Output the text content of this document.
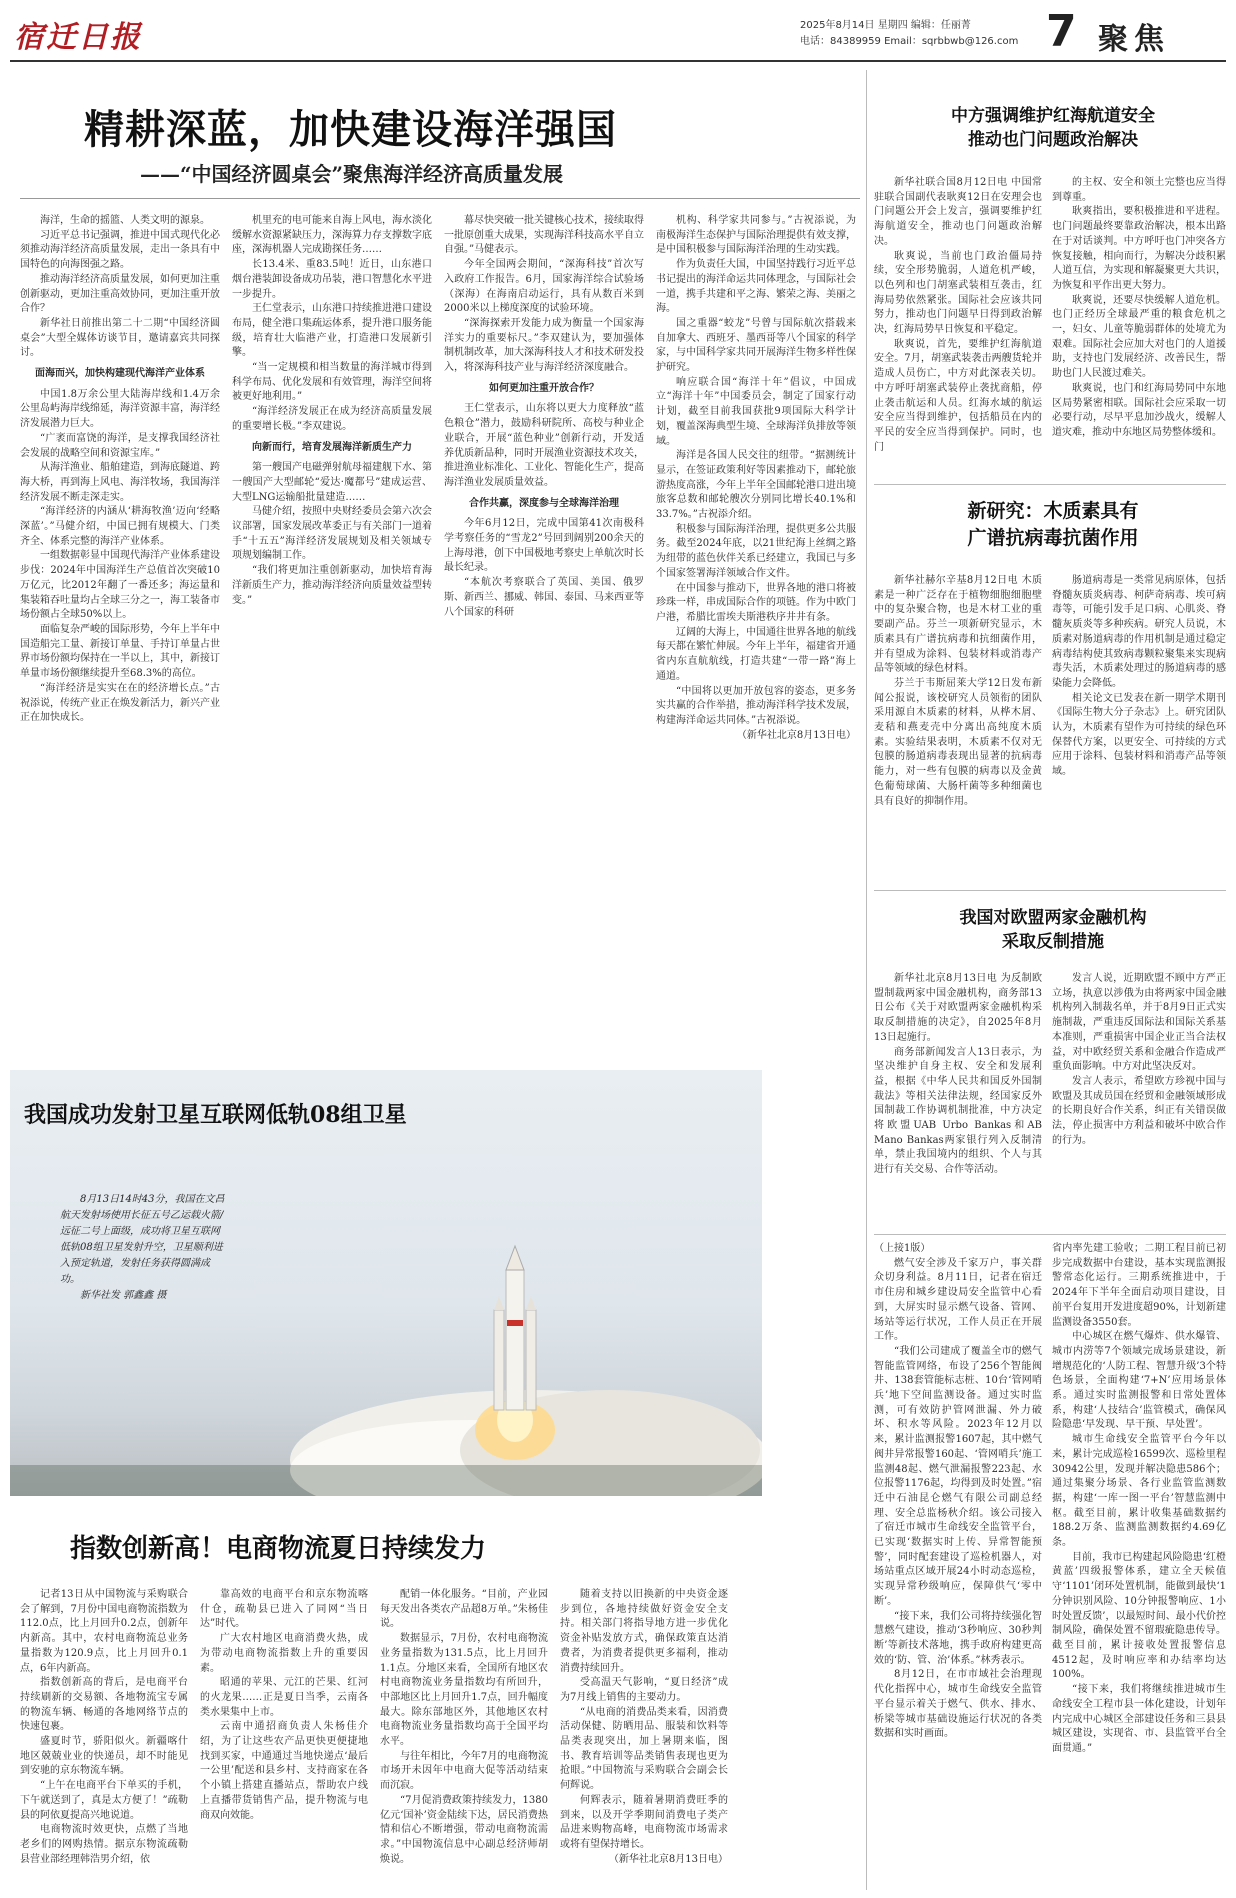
宿迁日报	2025年8月14日 星期四 编辑：任丽菁
电话：84389959 Email：sqrbbwb@126.com 7 聚焦
精耕深蓝，加快建设海洋强国
——“中国经济圆桌会”聚焦海洋经济高质量发展

海洋，生命的摇篮、人类文明的源泉。

习近平总书记强调，推进中国式现代化必须推动海洋经济高质量发展，走出一条具有中国特色的向海图强之路。

推动海洋经济高质量发展，如何更加注重创新驱动，更加注重高效协同，更加注重开放合作？

新华社日前推出第二十二期“中国经济圆桌会”大型全媒体访谈节目，邀请嘉宾共同探讨。

面海而兴，加快构建现代海洋产业体系

中国1.8万余公里大陆海岸线和1.4万余公里岛屿海岸线绵延，海洋资源丰富，海洋经济发展潜力巨大。

“广袤而富饶的海洋，是支撑我国经济社会发展的战略空间和资源宝库。”

从海洋渔业、船舶建造，到海底隧道、跨海大桥，再到海上风电、海洋牧场，我国海洋经济发展不断走深走实。

“海洋经济的内涵从‘耕海牧渔’迈向‘经略深蓝’。”马健介绍，中国已拥有规模大、门类齐全、体系完整的海洋产业体系。

一组数据彰显中国现代海洋产业体系建设步伐：2024年中国海洋生产总值首次突破10万亿元，比2012年翻了一番还多；海运量和集装箱吞吐量均占全球三分之一，海工装备市场份额占全球50%以上。

面临复杂严峻的国际形势，今年上半年中国造船完工量、新接订单量、手持订单量占世界市场份额均保持在一半以上，其中，新接订单量市场份额继续提升至68.3%的高位。

“海洋经济是实实在在的经济增长点。”古祝添说，传统产业正在焕发新活力，新兴产业正在加快成长。

机里充的电可能来自海上风电，海水淡化缓解水资源紧缺压力，深海算力存支撑数字底座，深海机器人完成勘探任务……

长13.4米、重83.5吨！近日，山东港口烟台港装卸设备成功吊装，港口智慧化水平进一步提升。

王仁堂表示，山东港口持续推进港口建设布局，健全港口集疏运体系，提升港口服务能级，培育壮大临港产业，打造港口发展新引擎。

“当一定规模和相当数量的海洋城市得到科学布局、优化发展和有效管理，海洋空间将被更好地利用。”

“海洋经济发展正在成为经济高质量发展的重要增长极。”李双建说。

向新而行，培育发展海洋新质生产力

第一艘国产电磁弹射航母福建舰下水、第一艘国产大型邮轮“爱达·魔都号”建成运营、大型LNG运输船批量建造……

马健介绍，按照中央财经委员会第六次会议部署，国家发展改革委正与有关部门一道着手“十五五”海洋经济发展规划及相关领域专项规划编制工作。

“我们将更加注重创新驱动，加快培育海洋新质生产力，推动海洋经济向质量效益型转变。”

幕尽快突破一批关键核心技术，接续取得一批原创重大成果，实现海洋科技高水平自立自强。”马健表示。

今年全国两会期间，“深海科技”首次写入政府工作报告。6月，国家海洋综合试验场（深海）在海南启动运行，具有从数百米到2000米以上梯度深度的试验环境。

“深海探索开发能力成为衡量一个国家海洋实力的重要标尺。”李双建认为，要加强体制机制改革，加大深海科技人才和技术研发投入，将深海科技产业与海洋经济深度融合。

如何更加注重开放合作？

王仁堂表示，山东将以更大力度释放“蓝色粮仓”潜力，鼓励科研院所、高校与种业企业联合，开展“蓝色种业”创新行动，开发适养优质新品种，同时开展渔业资源技术攻关，推进渔业标准化、工业化、智能化生产，提高海洋渔业发展质量效益。

合作共赢，深度参与全球海洋治理

今年6月12日，完成中国第41次南极科学考察任务的“雪龙2”号回到阔别200余天的上海母港，创下中国极地考察史上单航次时长最长纪录。

“本航次考察联合了英国、美国、俄罗斯、新西兰、挪威、韩国、泰国、马来西亚等八个国家的科研

机构、科学家共同参与。”古祝添说，为南极海洋生态保护与国际治理提供有效支撑，是中国积极参与国际海洋治理的生动实践。

作为负责任大国，中国坚持践行习近平总书记提出的海洋命运共同体理念，与国际社会一道，携手共建和平之海、繁荣之海、美丽之海。

国之重器“蛟龙”号曾与国际航次搭载来自加拿大、西班牙、墨西哥等八个国家的科学家，与中国科学家共同开展海洋生物多样性保护研究。

响应联合国“海洋十年”倡议，中国成立“海洋十年”中国委员会，制定了国家行动计划，截至目前我国获批9项国际大科学计划，覆盖深海典型生境、全球海洋负排放等领域。

海洋是各国人民交往的纽带。“据测统计显示，在签证政策利好等因素推动下，邮轮旅游热度高涨，今年上半年全国邮轮港口进出境旅客总数和邮轮艘次分别同比增长40.1%和33.7%。”古祝添介绍。

积极参与国际海洋治理，提供更多公共服务。截至2024年底，以21世纪海上丝绸之路为纽带的蓝色伙伴关系已经建立，我国已与多个国家签署海洋领域合作文件。

在中国参与推动下，世界各地的港口将被珍珠一样，串成国际合作的项链。作为中欧门户港，希腊比雷埃夫斯港秩序井井有条。

辽阔的大海上，中国通往世界各地的航线每天都在繁忙伸展。今年上半年，福建省开通省内东直航航线，打造共建“一带一路”海上通道。

“中国将以更加开放包容的姿态，更多务实共赢的合作举措，推动海洋科学技术发展，构建海洋命运共同体。”古祝添说。

（新华社北京8月13日电）

我国成功发射卫星互联网低轨08组卫星
8月13日14时43分，我国在文昌航天发射场使用长征五号乙运载火箭/远征二号上面级，成功将卫星互联网低轨08组卫星发射升空，卫星顺利进入预定轨道，发射任务获得圆满成功。
新华社发 郭鑫鑫 摄
指数创新高！电商物流夏日持续发力

记者13日从中国物流与采购联合会了解到，7月份中国电商物流指数为112.0点，比上月回升0.2点，创新年内新高。其中，农村电商物流总业务量指数为120.9点，比上月回升0.1点，6年内新高。

指数创新高的背后，是电商平台持续刷新的交易额、各地物流宝专属的物流车辆、畅通的各地网络节点的快速包裹。

盛夏时节，骄阳似火。新疆喀什地区兢兢业业的快递员，却不时能见到安驰的京东物流车辆。

“上午在电商平台下单买的手机，下午就送到了，真是太方便了！”疏勒县的阿依夏提高兴地说道。

电商物流时效更快，点燃了当地老乡们的网购热情。据京东物流疏勒县营业部经理韩浩男介绍，依

靠高效的电商平台和京东物流喀什仓，疏勒县已进入了同网“当日达”时代。

广大农村地区电商消费火热，成为带动电商物流指数上升的重要因素。

昭通的苹果、元江的芒果、红河的火龙果……正是夏日当季，云南各类水果集中上市。

云南中通招商负责人朱杨佳介绍，为了让这些农产品更快更便捷地找到买家，中通通过当地快递点‘最后一公里’配送和县乡村、支持商家在各个小镇上搭建直播站点，帮助农户线上直播带货销售产品，提升物流与电商双向效能。

配销一体化服务。“目前，产业园每天发出各类农产品超8万单。”朱杨佳说。

数据显示，7月份，农村电商物流业务量指数为131.5点，比上月回升1.1点。分地区来看，全国所有地区农村电商物流业务量指数均有所回升，中部地区比上月回升1.7点，回升幅度最大。除东部地区外，其他地区农村电商物流业务量指数均高于全国平均水平。

与往年相比，今年7月的电商物流市场开未因年中电商大促等活动结束而沉寂。

“7月促消费政策持续发力，1380亿元‘国补’资金陆续下达，居民消费热情和信心不断增强，带动电商物流需求。”中国物流信息中心副总经济师胡焕说。

随着支持以旧换新的中央资金逐步到位，各地持续做好资金安全支持。相关部门将指导地方进一步优化资金补贴发放方式，确保政策直达消费者，为消费者提供更多福利，推动消费持续回升。

受高温天气影响，“夏日经济”成为7月线上销售的主要动力。

“从电商的消费品类来看，因消费活动保健、防晒用品、服装和饮料等品类表现突出，加上暑期来临，图书、教育培训等品类销售表现也更为抢眼。”中国物流与采购联合会副会长何辉说。

何辉表示，随着暑期消费旺季的到来，以及开学季期间消费电子类产品进来购物高峰，电商物流市场需求或将有望保持增长。

（新华社北京8月13日电）

中方强调维护红海航道安全
推动也门问题政治解决

新华社联合国8月12日电 中国常驻联合国副代表耿爽12日在安理会也门问题公开会上发言，强调要维护红海航道安全，推动也门问题政治解决。

耿爽说，当前也门政治僵局持续，安全形势脆弱，人道危机严峻，以色列和也门胡塞武装相互袭击，红海局势依然紧张。国际社会应该共同努力，推动也门问题早日得到政治解决，红海局势早日恢复和平稳定。

耿爽说，首先，要维护红海航道安全。7月，胡塞武装袭击两艘货轮并造成人员伤亡，中方对此深表关切。中方呼吁胡塞武装停止袭扰商船，停止袭击航运和人员。红海水域的航运安全应当得到维护，包括船员在内的平民的安全应当得到保护。同时，也门

的主权、安全和领土完整也应当得到尊重。

耿爽指出，要积极推进和平进程。也门问题最终要靠政治解决，根本出路在于对话谈判。中方呼吁也门冲突各方恢复接触，相向而行，为解决分歧积累人道互信，为实现和解凝聚更大共识，为恢复和平作出更大努力。

耿爽说，还要尽快缓解人道危机。也门正经历全球最严重的粮食危机之一，妇女、儿童等脆弱群体的处境尤为艰难。国际社会应加大对也门的人道援助，支持也门发展经济、改善民生，帮助也门人民渡过难关。

耿爽说，也门和红海局势同中东地区局势紧密相联。国际社会应采取一切必要行动，尽早平息加沙战火，缓解人道灾难，推动中东地区局势整体缓和。

新研究：木质素具有
广谱抗病毒抗菌作用

新华社赫尔辛基8月12日电 木质素是一种广泛存在于植物细胞细胞壁中的复杂聚合物，也是木材工业的重要副产品。芬兰一项新研究显示，木质素具有广谱抗病毒和抗细菌作用，并有望成为涂料、包装材料或消毒产品等领域的绿色材料。

芬兰于韦斯屈莱大学12日发布新闻公报说，该校研究人员领衔的团队采用源自木质素的材料，从桦木屑、麦秸和燕麦壳中分离出高纯度木质素。实验结果表明，木质素不仅对无包膜的肠道病毒表现出显著的抗病毒能力，对一些有包膜的病毒以及金黄色葡萄球菌、大肠杆菌等多种细菌也具有良好的抑制作用。

肠道病毒是一类常见病原体，包括脊髓灰质炎病毒、柯萨奇病毒、埃可病毒等，可能引发手足口病、心肌炎、脊髓灰质炎等多种疾病。研究人员说，木质素对肠道病毒的作用机制是通过稳定病毒结构使其致病毒颗粒聚集来实现病毒失活，木质素处理过的肠道病毒的感染能力会降低。

相关论文已发表在新一期学术期刊《国际生物大分子杂志》上。研究团队认为，木质素有望作为可持续的绿色环保替代方案，以更安全、可持续的方式应用于涂料、包装材料和消毒产品等领域。

我国对欧盟两家金融机构
采取反制措施

新华社北京8月13日电 为反制欧盟制裁两家中国金融机构，商务部13日公布《关于对欧盟两家金融机构采取反制措施的决定》，自2025年8月13日起施行。

商务部新闻发言人13日表示，为坚决维护自身主权、安全和发展利益，根据《中华人民共和国反外国制裁法》等相关法律法规，经国家反外国制裁工作协调机制批准，中方决定将欧盟UAB Urbo Bankas和AB Mano Bankas两家银行列入反制清单，禁止我国境内的组织、个人与其进行有关交易、合作等活动。

发言人说，近期欧盟不顾中方严正立场，执意以涉俄为由将两家中国金融机构列入制裁名单，并于8月9日正式实施制裁，严重违反国际法和国际关系基本准则，严重损害中国企业正当合法权益，对中欧经贸关系和金融合作造成严重负面影响。中方对此坚决反对。

发言人表示，希望欧方珍视中国与欧盟及其成员国在经贸和金融领域形成的长期良好合作关系，纠正有关错误做法，停止损害中方利益和破坏中欧合作的行为。

（上接1版）

燃气安全涉及千家万户，事关群众切身利益。8月11日，记者在宿迁市住房和城乡建设局安全监管中心看到，大屏实时显示燃气设备、管网、场站等运行状况，工作人员正在开展工作。

“我们公司建成了覆盖全市的燃气智能监管网络，布设了256个智能阀井、138套管能标志桩、10台‘管网哨兵’地下空间监测设备。通过实时监测，可有效防护管网泄漏、外力破坏、积水等风险。2023年12月以来，累计监测报警1607起，其中燃气阀井异常报警160起、‘管网哨兵’施工监测48起、燃气泄漏报警223起、水位报警1176起，均得到及时处置。”宿迁中石油昆仑燃气有限公司副总经理、安全总监杨秋介绍。该公司接入了宿迁市城市生命线安全监管平台，已实现‘数据实时上传、异常智能预警’，同时配套建设了巡检机器人，对场站重点区域开展24小时动态巡检，实现异常秒级响应，保障供气‘零中断’。

“接下来，我们公司将持续强化智慧燃气建设，推动‘3秒响应、30秒判断’等新技术落地，携手政府构建更高效的‘防、管、治’体系。”林秀表示。

8月12日，在市市域社会治理现代化指挥中心，城市生命线安全监管平台显示着关于燃气、供水、排水、桥梁等城市基础设施运行状况的各类数据和实时画面。

省内率先建工验收；二期工程目前已初步完成数据中台建设，基本实现监测报警常态化运行。三期系统推进中，于2024年下半年全面启动项目建设，目前平台复用开发进度超90%，计划新建监测设备3550套。

中心城区在燃气爆炸、供水爆管、城市内涝等7个领域完成场景建设，新增规范化的‘人防工程、智慧升级’3个特色场景，全面构建‘7+N’应用场景体系。通过实时监测报警和日常处置体系，构建‘人技结合’监管模式，确保风险隐患‘早发现、早干预、早处置’。

城市生命线安全监管平台今年以来，累计完成巡检16599次、巡检里程30942公里，发现并解决隐患586个；通过集聚分场景、各行业监管监测数据，构建‘一库一图一平台’智慧监测中枢。截至目前，累计收集基础数据约188.2万条、监测监测数据约4.69亿条。

目前，我市已构建起风险隐患‘红橙黄蓝’四级报警体系，建立全天候值守‘1101’闭环处置机制，能做到最快‘1分钟识别风险、10分钟报警响应、1小时处置反馈’，以最短时间、最小代价控制风险，确保处置不留瑕疵隐患传导。截至目前，累计接收处置报警信息4512起，及时响应率和办结率均达100%。

“接下来，我们将继续推进城市生命线安全工程市县一体化建设，计划年内完成中心城区全部建设任务和三县县城区建设，实现省、市、县监管平台全面贯通。”
